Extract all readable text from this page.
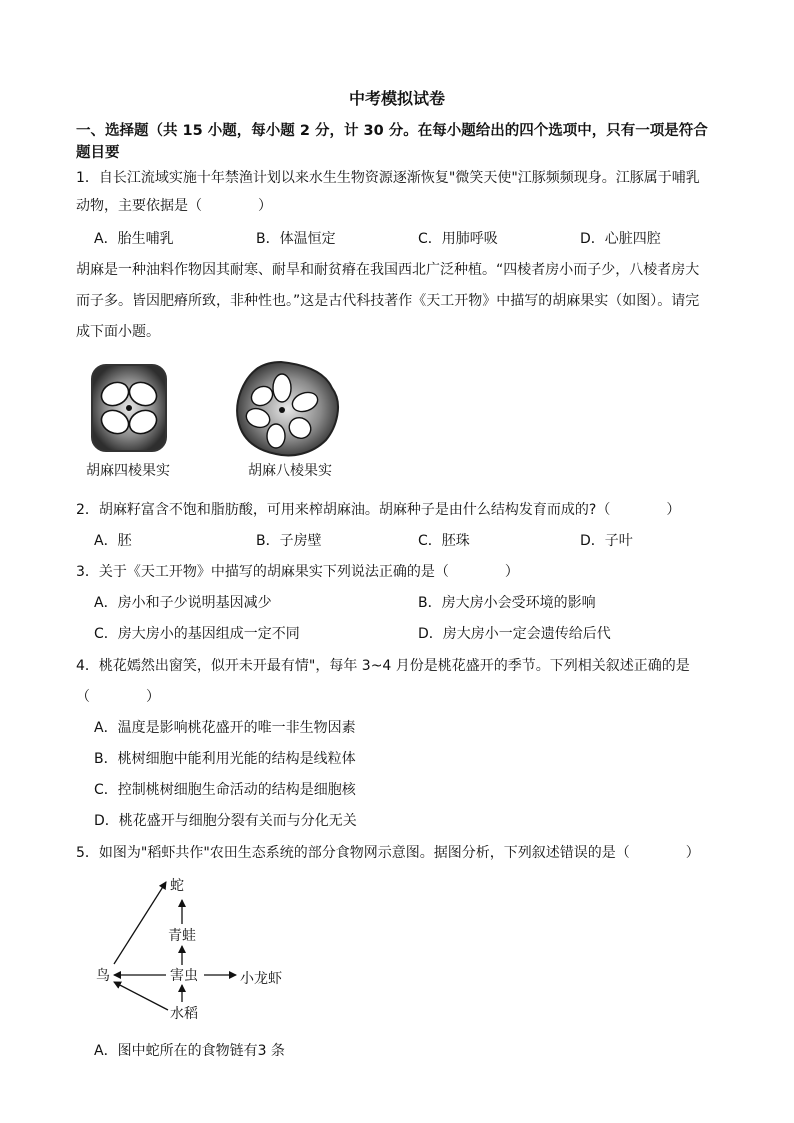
中考模拟试卷
一、选择题（共 15 小题，每小题 2 分，计 30 分。在每小题给出的四个选项中，只有一项是符合
题目要
1．自长江流域实施十年禁渔计划以来水生生物资源逐渐恢复"微笑天使"江豚频频现身。江豚属于哺乳
动物，主要依据是（　　　　）
A．胎生哺乳	B．体温恒定	C．用肺呼吸	D．心脏四腔
胡麻是一种油料作物因其耐寒、耐旱和耐贫瘠在我国西北广泛种植。“四棱者房小而子少，八棱者房大
而子多。皆因肥瘠所致，非种性也。”这是古代科技著作《天工开物》中描写的胡麻果实（如图）。请完
成下面小题。
胡麻四棱果实	胡麻八棱果实
2．胡麻籽富含不饱和脂肪酸，可用来榨胡麻油。胡麻种子是由什么结构发育而成的?（　　　　）
A．胚	B．子房壁	C．胚珠	D．子叶
3．关于《天工开物》中描写的胡麻果实下列说法正确的是（　　　　）
A．房小和子少说明基因减少	B．房大房小会受环境的影响
C．房大房小的基因组成一定不同	D．房大房小一定会遗传给后代
4．桃花嫣然出窗笑，似开未开最有情"，每年 3~4 月份是桃花盛开的季节。下列相关叙述正确的是
（　　　　）
A．温度是影响桃花盛开的唯一非生物因素
B．桃树细胞中能利用光能的结构是线粒体
C．控制桃树细胞生命活动的结构是细胞核
D．桃花盛开与细胞分裂有关而与分化无关
5．如图为"稻虾共作"农田生态系统的部分食物网示意图。据图分析，下列叙述错误的是（　　　　）
蛇
青蛙
鸟	害虫	小龙虾
水稻
A．图中蛇所在的食物链有3 条
